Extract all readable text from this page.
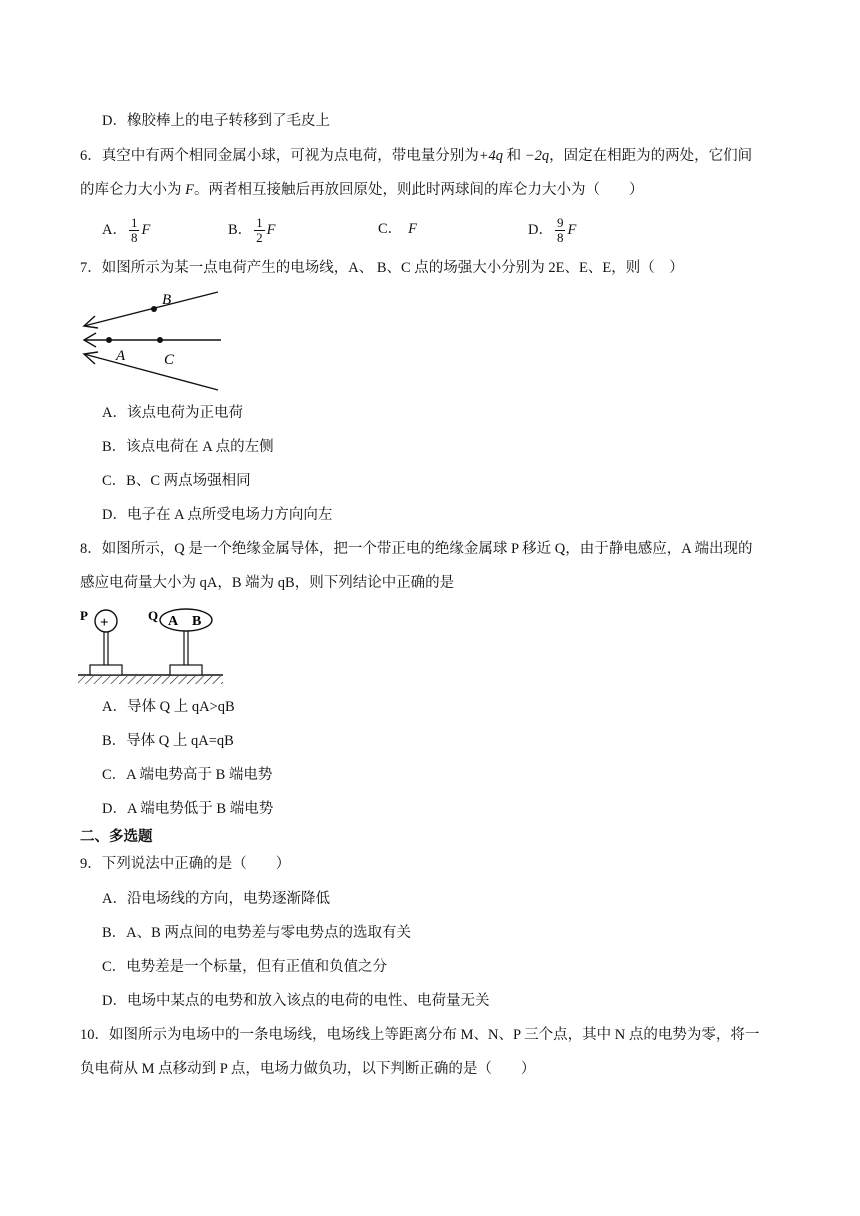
D．橡胶棒上的电子转移到了毛皮上
6．真空中有两个相同金属小球，可视为点电荷，带电量分别为+4q 和 −2q，固定在相距为的两处，它们间
的库仑力大小为 F。两者相互接触后再放回原处，则此时两球间的库仑力大小为（　　）
A． $\frac{1}{8}$ F	B． $\frac{1}{2}$ F	C． F	D． $\frac{9}{8}$ F
7．如图所示为某一点电荷产生的电场线，A、 B、C 点的场强大小分别为 2E、E、E，则（　）
B
A	C
A．该点电荷为正电荷
B．该点电荷在 A 点的左侧
C．B、C 两点场强相同
D．电子在 A 点所受电场力方向向左
8．如图所示，Q 是一个绝缘金属导体，把一个带正电的绝缘金属球 P 移近 Q，由于静电感应，A 端出现的
感应电荷量大小为 qA，B 端为 qB，则下列结论中正确的是
+
P	Q A B
A．导体 Q 上 qA>qB
B．导体 Q 上 qA=qB
C．A 端电势高于 B 端电势
D．A 端电势低于 B 端电势
二、多选题
9．下列说法中正确的是（　　）
A．沿电场线的方向，电势逐渐降低
B．A、B 两点间的电势差与零电势点的选取有关
C．电势差是一个标量，但有正值和负值之分
D．电场中某点的电势和放入该点的电荷的电性、电荷量无关
10．如图所示为电场中的一条电场线，电场线上等距离分布 M、N、P 三个点，其中 N 点的电势为零，将一
负电荷从 M 点移动到 P 点，电场力做负功，以下判断正确的是（　　）
